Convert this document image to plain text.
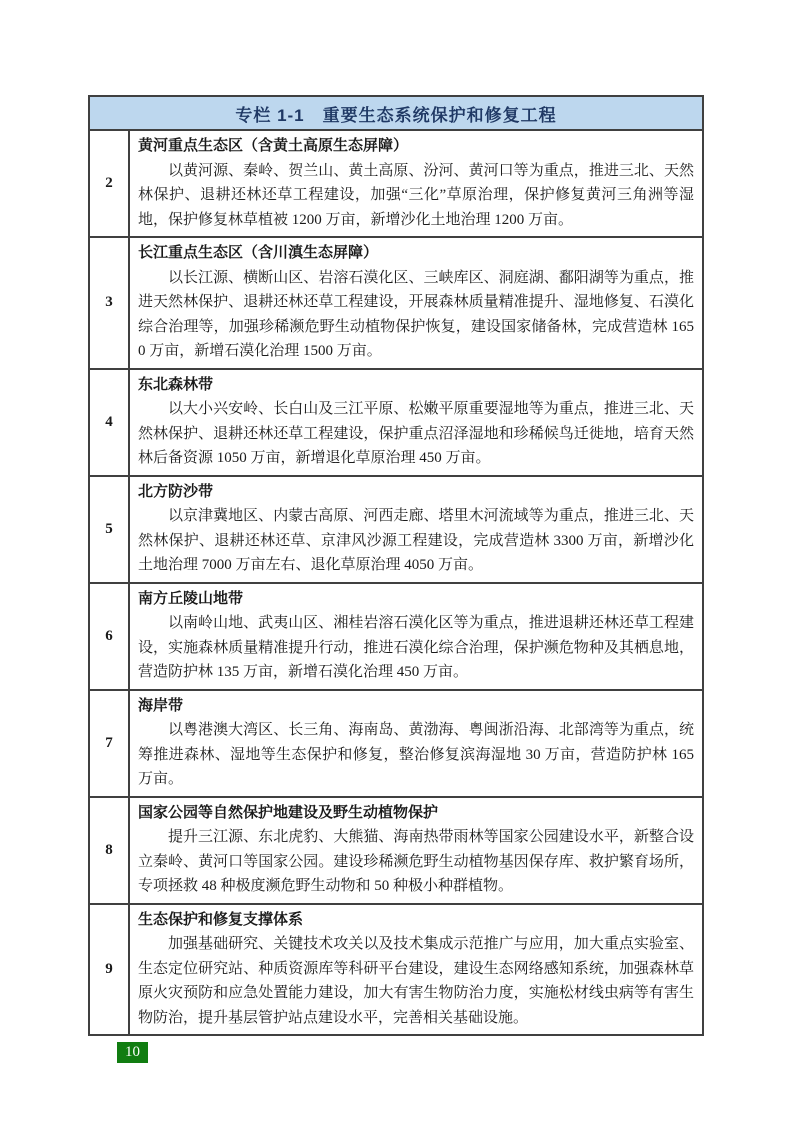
专栏 1-1　重要生态系统保护和修复工程
2
黄河重点生态区（含黄土高原生态屏障）

以黄河源、秦岭、贺兰山、黄土高原、汾河、黄河口等为重点，推进三北、天然林保护、退耕还林还草工程建设，加强“三化”草原治理，保护修复黄河三角洲等湿地，保护修复林草植被 1200 万亩，新增沙化土地治理 1200 万亩。

3
长江重点生态区（含川滇生态屏障）

以长江源、横断山区、岩溶石漠化区、三峡库区、洞庭湖、鄱阳湖等为重点，推进天然林保护、退耕还林还草工程建设，开展森林质量精准提升、湿地修复、石漠化综合治理等，加强珍稀濒危野生动植物保护恢复，建设国家储备林，完成营造林 1650 万亩，新增石漠化治理 1500 万亩。

4
东北森林带

以大小兴安岭、长白山及三江平原、松嫩平原重要湿地等为重点，推进三北、天然林保护、退耕还林还草工程建设，保护重点沼泽湿地和珍稀候鸟迁徙地，培育天然林后备资源 1050 万亩，新增退化草原治理 450 万亩。

5
北方防沙带

以京津冀地区、内蒙古高原、河西走廊、塔里木河流域等为重点，推进三北、天然林保护、退耕还林还草、京津风沙源工程建设，完成营造林 3300 万亩，新增沙化土地治理 7000 万亩左右、退化草原治理 4050 万亩。

6
南方丘陵山地带

以南岭山地、武夷山区、湘桂岩溶石漠化区等为重点，推进退耕还林还草工程建设，实施森林质量精准提升行动，推进石漠化综合治理，保护濒危物种及其栖息地，营造防护林 135 万亩，新增石漠化治理 450 万亩。

7
海岸带

以粤港澳大湾区、长三角、海南岛、黄渤海、粤闽浙沿海、北部湾等为重点，统筹推进森林、湿地等生态保护和修复，整治修复滨海湿地 30 万亩，营造防护林 165 万亩。

8
国家公园等自然保护地建设及野生动植物保护

提升三江源、东北虎豹、大熊猫、海南热带雨林等国家公园建设水平，新整合设立秦岭、黄河口等国家公园。建设珍稀濒危野生动植物基因保存库、救护繁育场所，专项拯救 48 种极度濒危野生动物和 50 种极小种群植物。

9
生态保护和修复支撑体系

加强基础研究、关键技术攻关以及技术集成示范推广与应用，加大重点实验室、生态定位研究站、种质资源库等科研平台建设，建设生态网络感知系统，加强森林草原火灾预防和应急处置能力建设，加大有害生物防治力度，实施松材线虫病等有害生物防治，提升基层管护站点建设水平，完善相关基础设施。

10
